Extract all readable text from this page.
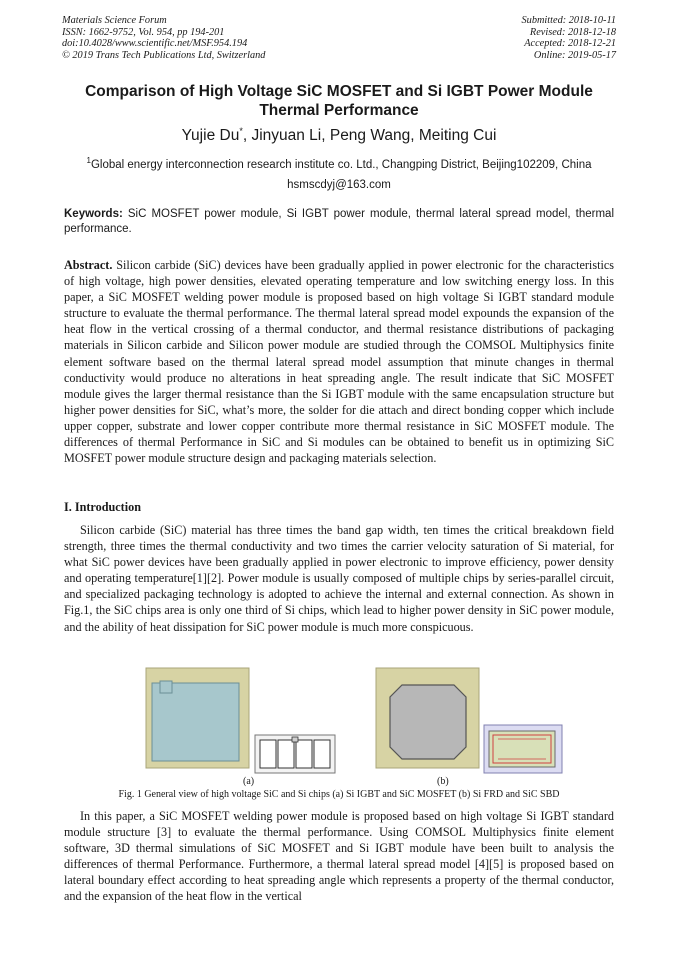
Materials Science Forum
ISSN: 1662-9752, Vol. 954, pp 194-201
doi:10.4028/www.scientific.net/MSF.954.194
© 2019 Trans Tech Publications Ltd, Switzerland
Submitted: 2018-10-11
Revised: 2018-12-18
Accepted: 2018-12-21
Online: 2019-05-17
Comparison of High Voltage SiC MOSFET and Si IGBT Power Module Thermal Performance
Yujie Du*, Jinyuan Li, Peng Wang, Meiting Cui
$^1$Global energy interconnection research institute co. Ltd., Changping District, Beijing102209, China
hsmscdyj@163.com
Keywords: SiC MOSFET power module, Si IGBT power module, thermal lateral spread model, thermal performance.
Abstract. Silicon carbide (SiC) devices have been gradually applied in power electronic for the characteristics of high voltage, high power densities, elevated operating temperature and low switching energy loss. In this paper, a SiC MOSFET welding power module is proposed based on high voltage Si IGBT standard module structure to evaluate the thermal performance. The thermal lateral spread model expounds the expansion of the heat flow in the vertical crossing of a thermal conductor, and thermal resistance distributions of packaging materials in Silicon carbide and Silicon power module are studied through the COMSOL Multiphysics finite element software based on the thermal lateral spread model assumption that minute changes in thermal conductivity would produce no alterations in heat spreading angle. The result indicate that SiC MOSFET module gives the larger thermal resistance than the Si IGBT module with the same encapsulation structure but higher power densities for SiC, what’s more, the solder for die attach and direct bonding copper which include upper copper, substrate and lower copper contribute more thermal resistance in SiC MOSFET module. The differences of thermal Performance in SiC and Si modules can be obtained to benefit us in optimizing SiC MOSFET power module structure design and packaging materials selection.
I. Introduction
Silicon carbide (SiC) material has three times the band gap width, ten times the critical breakdown field strength, three times the thermal conductivity and two times the carrier velocity saturation of Si material, for what SiC power devices have been gradually applied in power electronic to improve efficiency, power density and operating temperature[1][2]. Power module is usually composed of multiple chips by series-parallel circuit, and specialized packaging technology is adopted to achieve the internal and external connection. As shown in Fig.1, the SiC chips area is only one third of Si chips, which lead to higher power density in SiC power module, and the ability of heat dissipation for SiC power module is much more conspicuous.
(a)	(b)
Fig. 1 General view of high voltage SiC and Si chips (a) Si IGBT and SiC MOSFET (b) Si FRD and SiC SBD
In this paper, a SiC MOSFET welding power module is proposed based on high voltage Si IGBT standard module structure [3] to evaluate the thermal performance. Using COMSOL Multiphysics finite element software, 3D thermal simulations of SiC MOSFET and Si IGBT module have been built to analysis the differences of thermal Performance. Furthermore, a thermal lateral spread model [4][5] is proposed based on lateral boundary effect according to heat spreading angle which represents a property of the thermal conductor, and the expansion of the heat flow in the vertical
